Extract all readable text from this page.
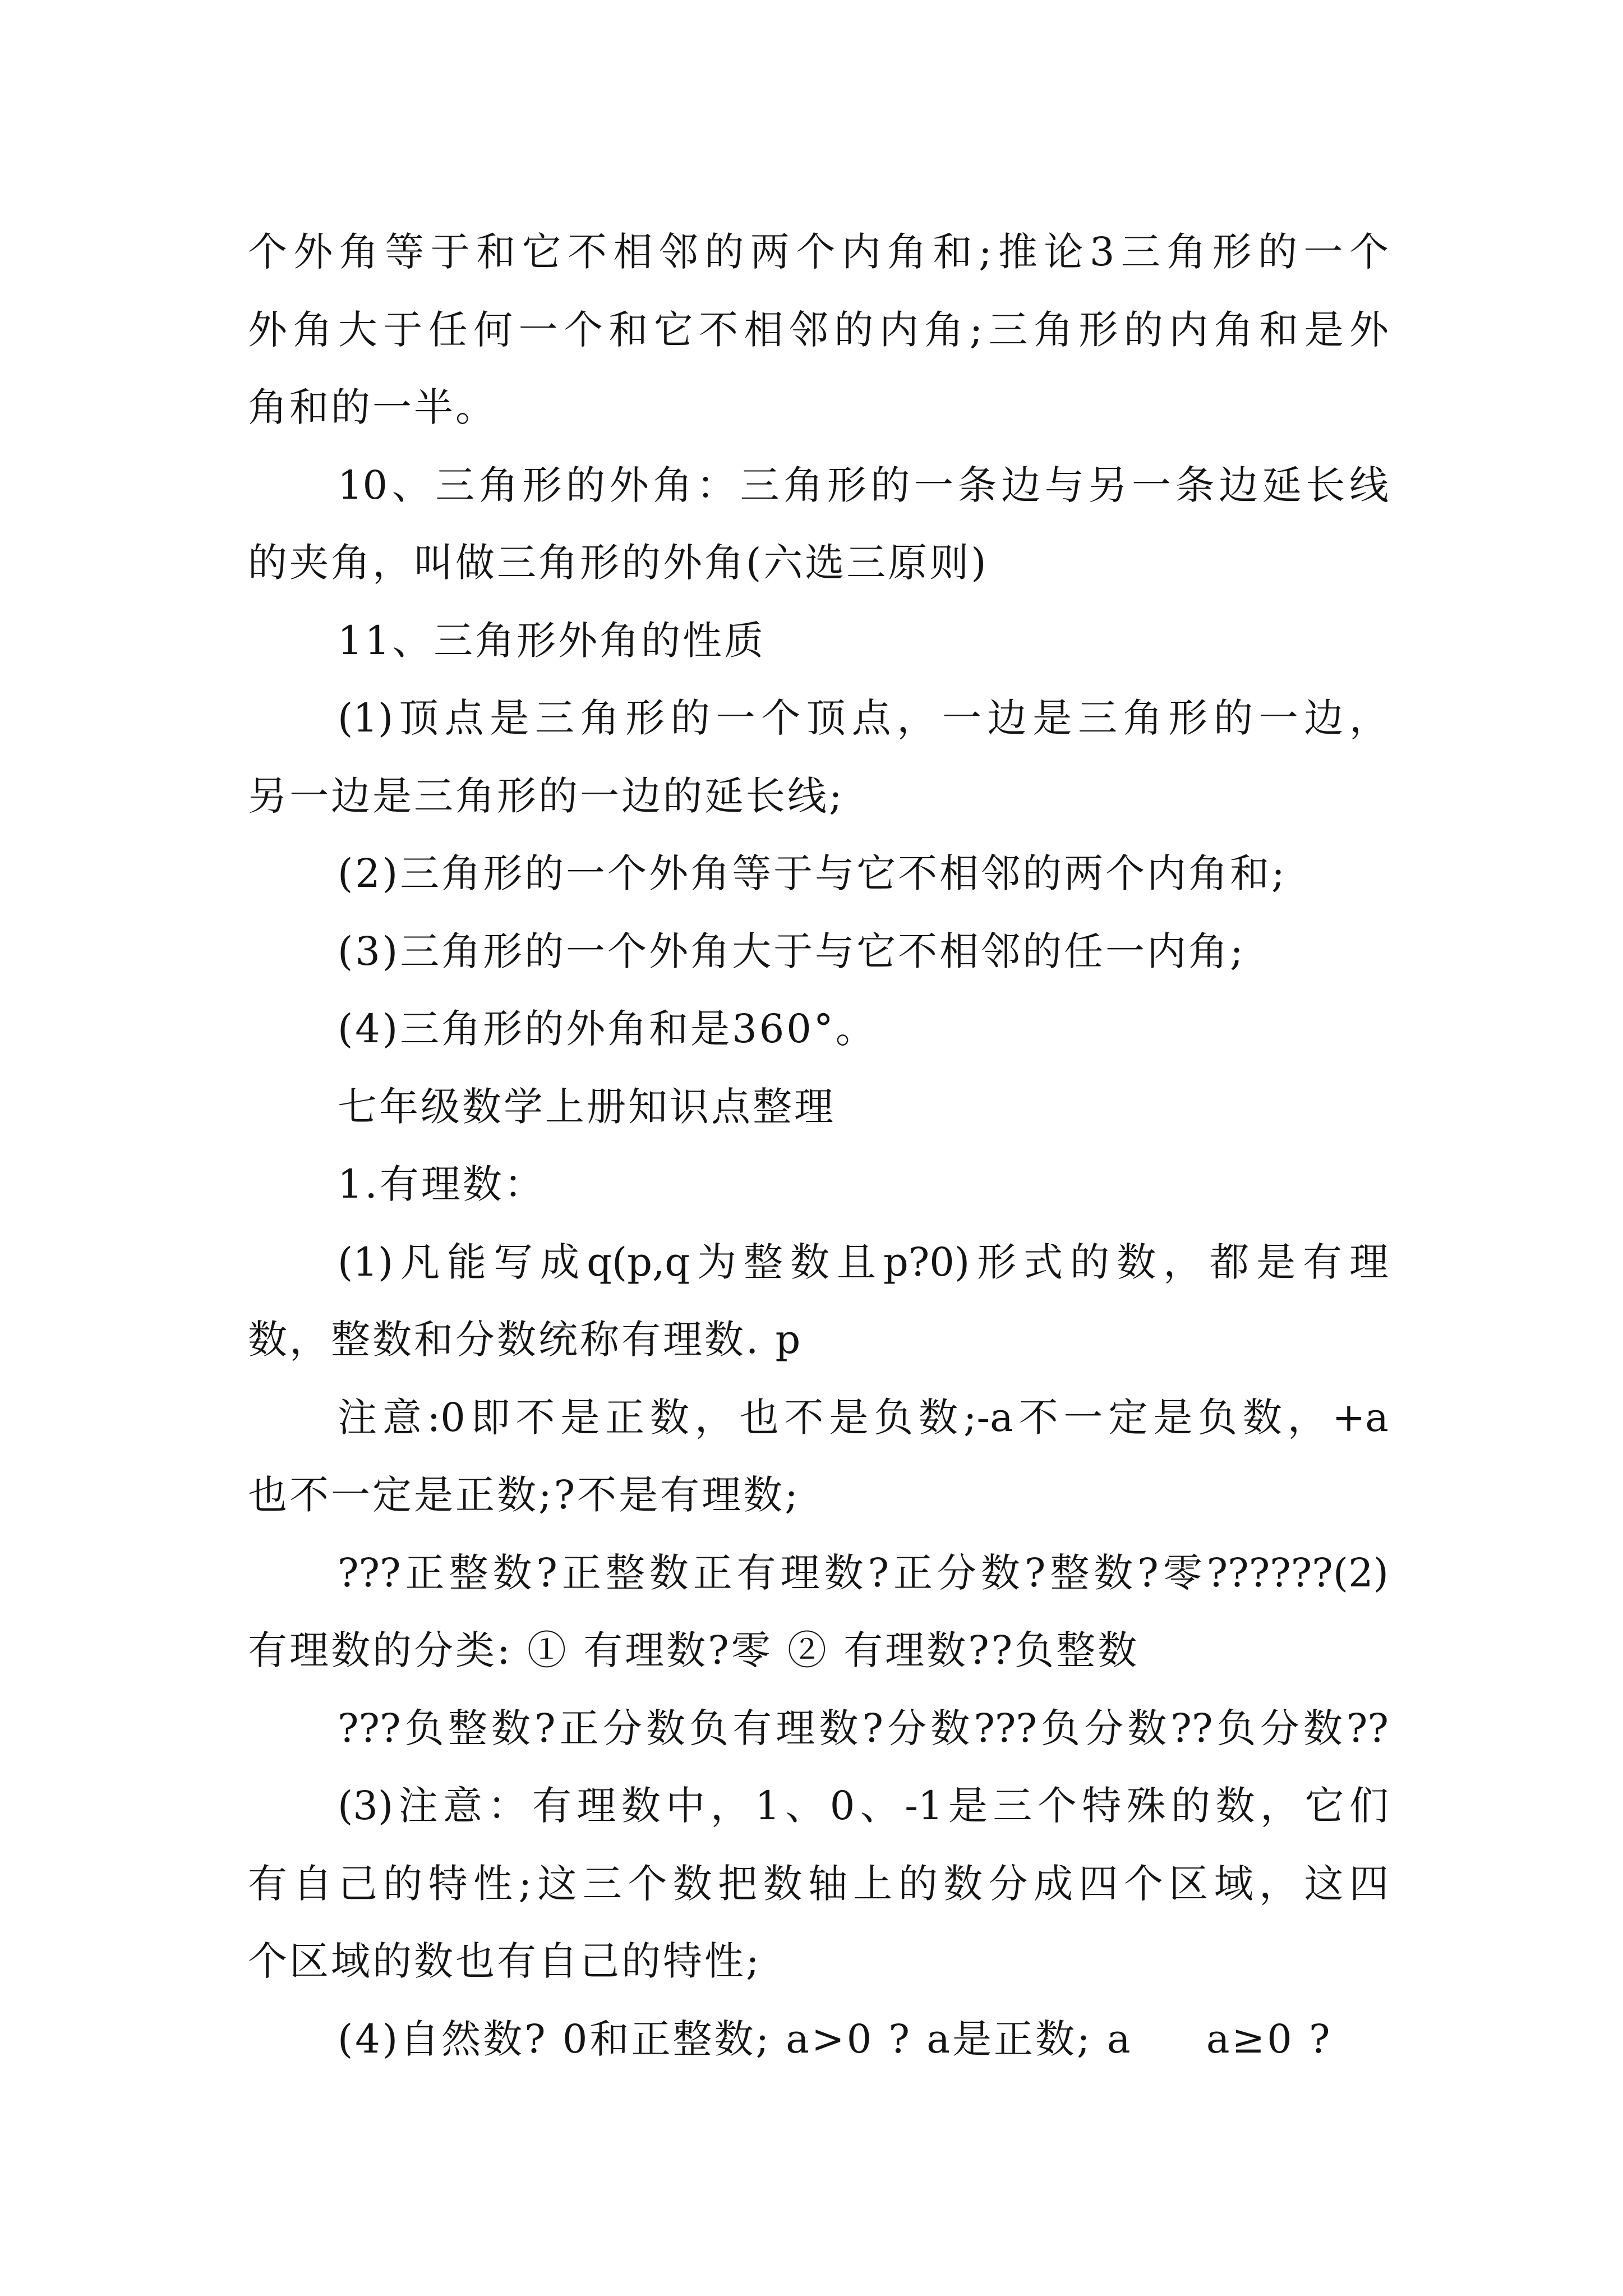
个外角等于和它不相邻的两个内角和;推论3三角形的一个
外角大于任何一个和它不相邻的内角;三角形的内角和是外
角和的一半。
10、三角形的外角：三角形的一条边与另一条边延长线
的夹角，叫做三角形的外角(六选三原则)
11、三角形外角的性质
(1)顶点是三角形的一个顶点，一边是三角形的一边，
另一边是三角形的一边的延长线;
(2)三角形的一个外角等于与它不相邻的两个内角和;
(3)三角形的一个外角大于与它不相邻的任一内角;
(4)三角形的外角和是360°。
七年级数学上册知识点整理
1.有理数：
(1)凡能写成q(p,q为整数且p?0)形式的数，都是有理
数，整数和分数统称有理数. p
注意:0即不是正数，也不是负数;-a不一定是负数，+a
也不一定是正数;?不是有理数;
???正整数?正整数正有理数?正分数?整数?零??????(2)
有理数的分类: ① 有理数?零 ② 有理数??负整数
???负整数?正分数负有理数?分数???负分数??负分数??
(3)注意：有理数中，1、0、-1是三个特殊的数，它们
有自己的特性;这三个数把数轴上的数分成四个区域，这四
个区域的数也有自己的特性;
(4)自然数? 0和正整数; a>0 ? a是正数; a     a≥0 ?
